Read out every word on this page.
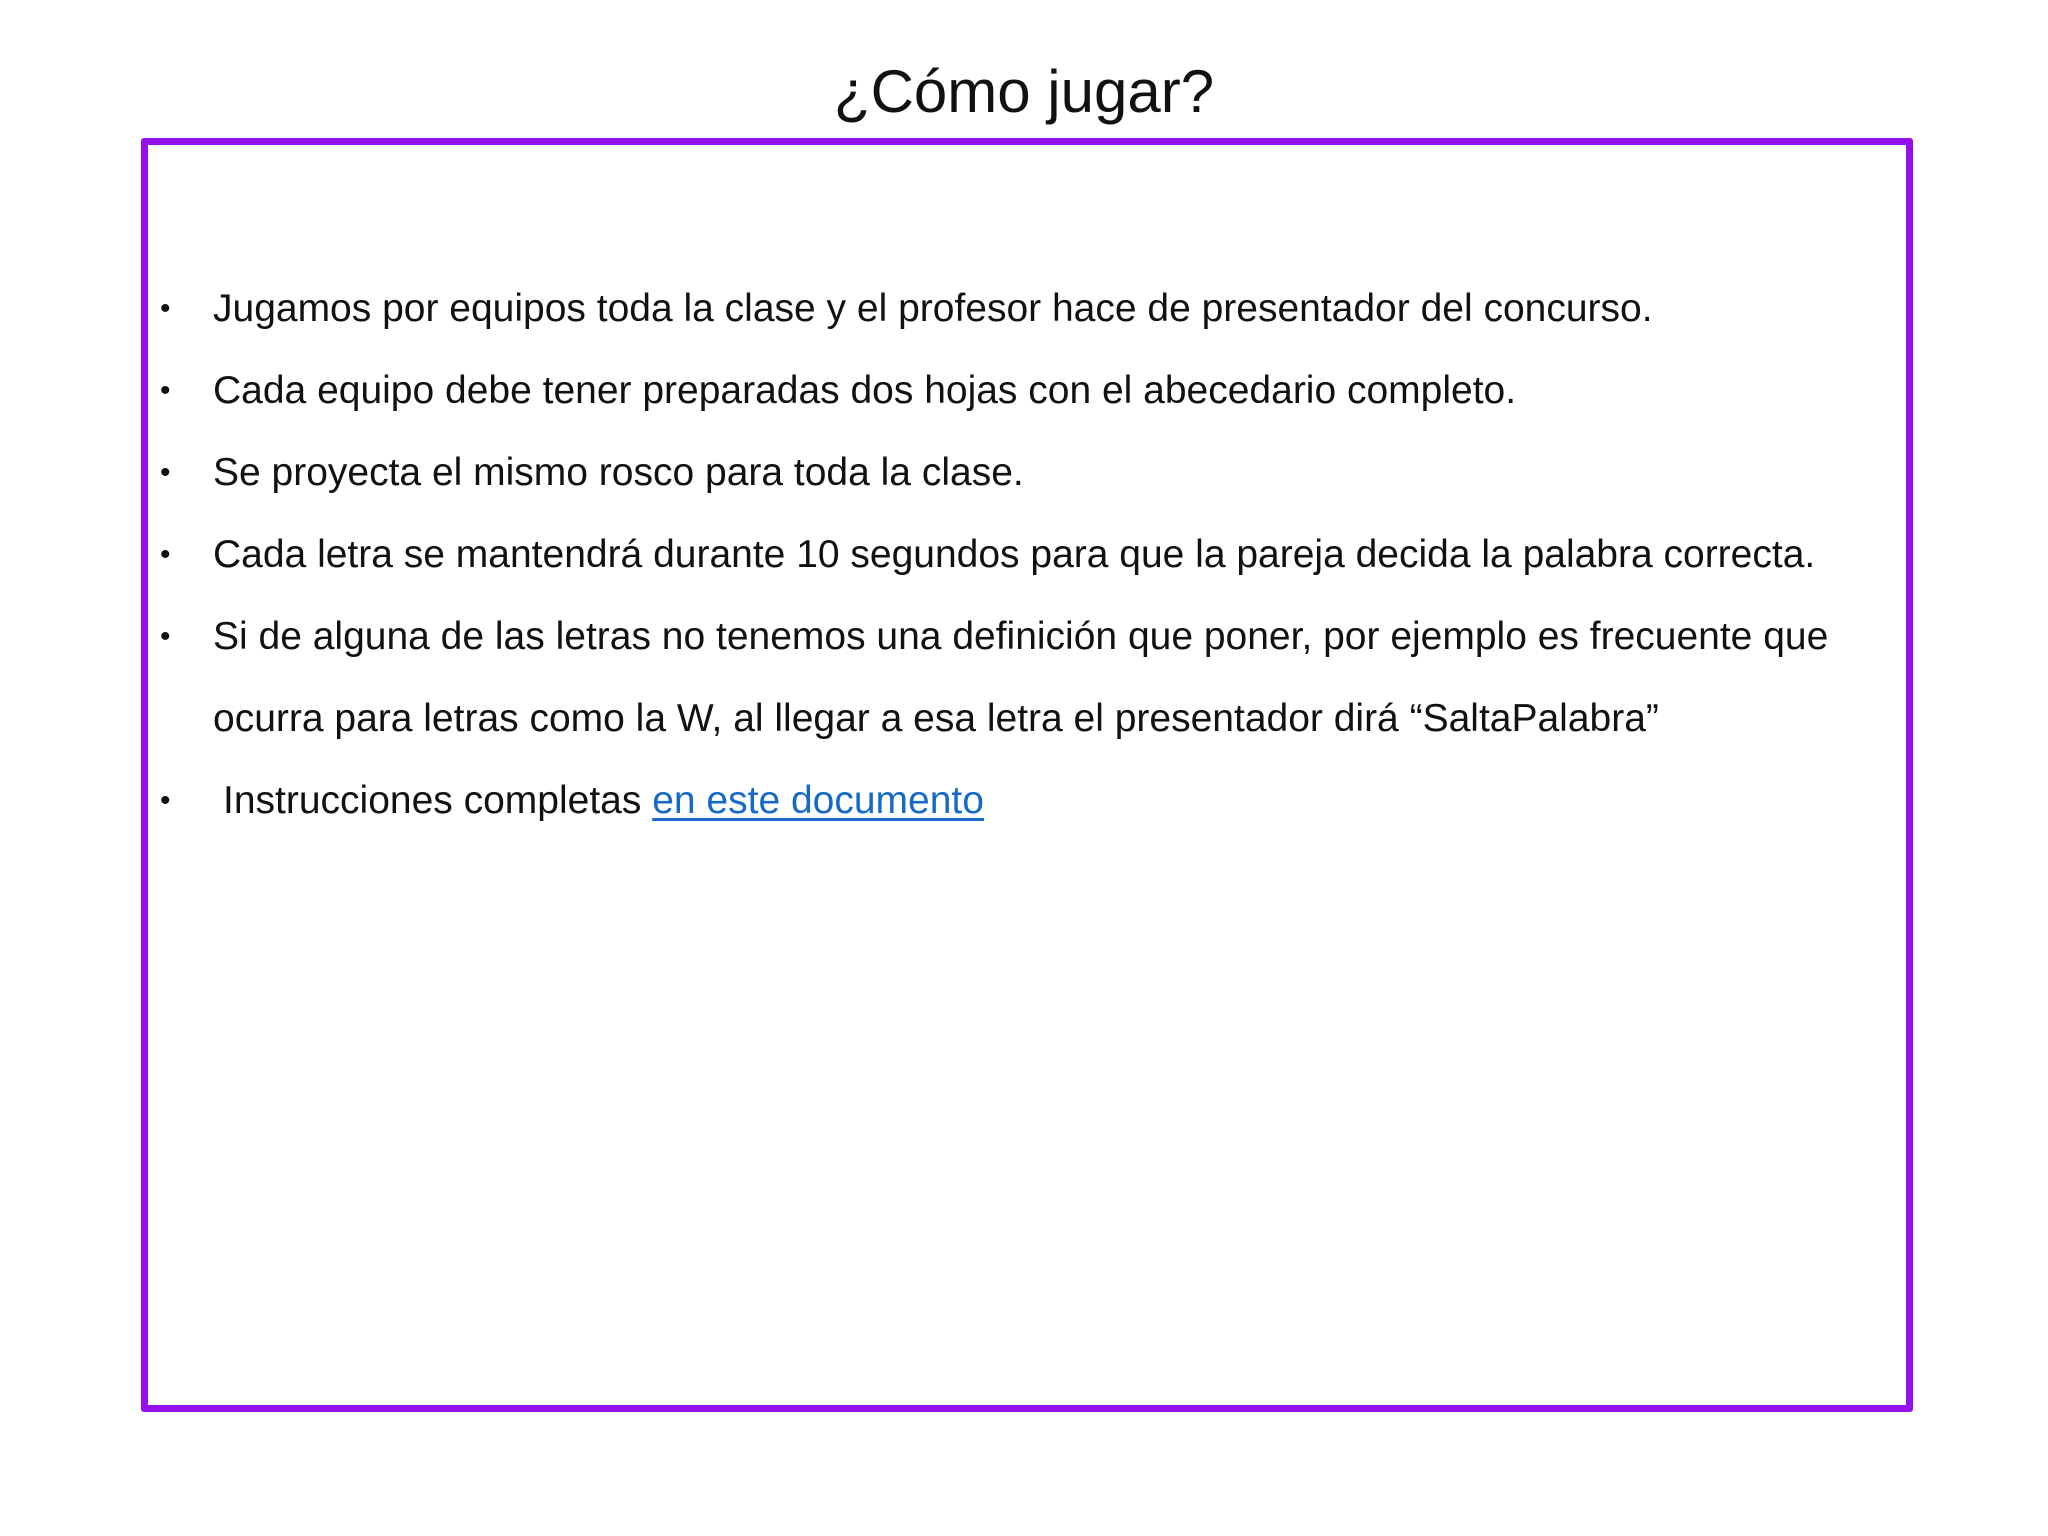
¿Cómo jugar?
• Jugamos por equipos toda la clase y el profesor hace de presentador del concurso.
• Cada equipo debe tener preparadas dos hojas con el abecedario completo.
• Se proyecta el mismo rosco para toda la clase.
• Cada letra se mantendrá durante 10 segundos para que la pareja decida la palabra correcta.
• Si de alguna de las letras no tenemos una definición que poner, por ejemplo es frecuente que ocurra para letras como la W, al llegar a esa letra el presentador dirá “SaltaPalabra”
• Instrucciones completas en este documento
